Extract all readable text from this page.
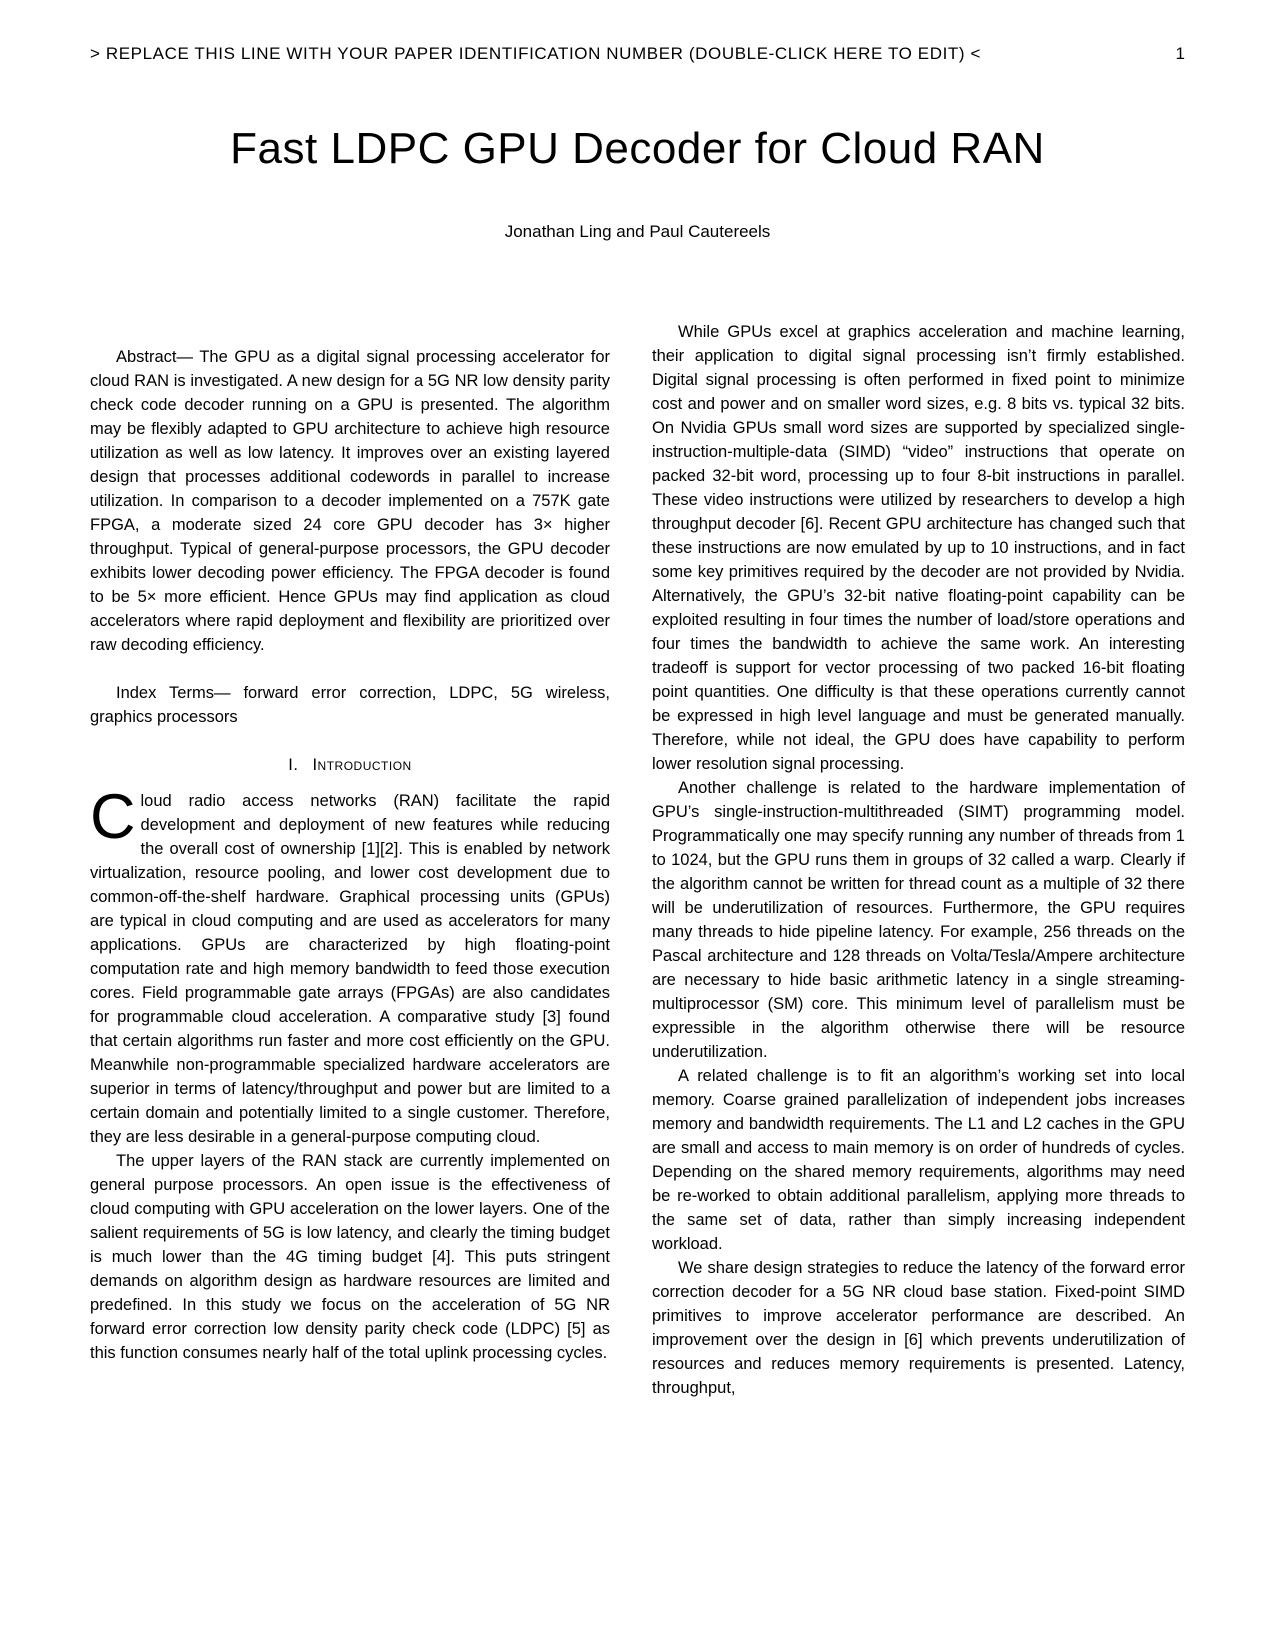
> REPLACE THIS LINE WITH YOUR PAPER IDENTIFICATION NUMBER (DOUBLE-CLICK HERE TO EDIT) <	1
Fast LDPC GPU Decoder for Cloud RAN
Jonathan Ling and Paul Cautereels

Abstract— The GPU as a digital signal processing accelerator for cloud RAN is investigated. A new design for a 5G NR low density parity check code decoder running on a GPU is presented. The algorithm may be flexibly adapted to GPU architecture to achieve high resource utilization as well as low latency. It improves over an existing layered design that processes additional codewords in parallel to increase utilization. In comparison to a decoder implemented on a 757K gate FPGA, a moderate sized 24 core GPU decoder has 3× higher throughput. Typical of general-purpose processors, the GPU decoder exhibits lower decoding power efficiency. The FPGA decoder is found to be 5× more efficient. Hence GPUs may find application as cloud accelerators where rapid deployment and flexibility are prioritized over raw decoding efficiency.

Index Terms— forward error correction, LDPC, 5G wireless, graphics processors

I. Introduction

Cloud radio access networks (RAN) facilitate the rapid development and deployment of new features while reducing the overall cost of ownership [1][2]. This is enabled by network virtualization, resource pooling, and lower cost development due to common-off-the-shelf hardware. Graphical processing units (GPUs) are typical in cloud computing and are used as accelerators for many applications. GPUs are characterized by high floating-point computation rate and high memory bandwidth to feed those execution cores. Field programmable gate arrays (FPGAs) are also candidates for programmable cloud acceleration. A comparative study [3] found that certain algorithms run faster and more cost efficiently on the GPU. Meanwhile non-programmable specialized hardware accelerators are superior in terms of latency/throughput and power but are limited to a certain domain and potentially limited to a single customer. Therefore, they are less desirable in a general-purpose computing cloud.

The upper layers of the RAN stack are currently implemented on general purpose processors. An open issue is the effectiveness of cloud computing with GPU acceleration on the lower layers. One of the salient requirements of 5G is low latency, and clearly the timing budget is much lower than the 4G timing budget [4]. This puts stringent demands on algorithm design as hardware resources are limited and predefined. In this study we focus on the acceleration of 5G NR forward error correction low density parity check code (LDPC) [5] as this function consumes nearly half of the total uplink processing cycles.

While GPUs excel at graphics acceleration and machine learning, their application to digital signal processing isn’t firmly established. Digital signal processing is often performed in fixed point to minimize cost and power and on smaller word sizes, e.g. 8 bits vs. typical 32 bits. On Nvidia GPUs small word sizes are supported by specialized single-instruction-multiple-data (SIMD) “video” instructions that operate on packed 32-bit word, processing up to four 8-bit instructions in parallel. These video instructions were utilized by researchers to develop a high throughput decoder [6]. Recent GPU architecture has changed such that these instructions are now emulated by up to 10 instructions, and in fact some key primitives required by the decoder are not provided by Nvidia. Alternatively, the GPU’s 32-bit native floating-point capability can be exploited resulting in four times the number of load/store operations and four times the bandwidth to achieve the same work. An interesting tradeoff is support for vector processing of two packed 16-bit floating point quantities. One difficulty is that these operations currently cannot be expressed in high level language and must be generated manually. Therefore, while not ideal, the GPU does have capability to perform lower resolution signal processing.

Another challenge is related to the hardware implementation of GPU’s single-instruction-multithreaded (SIMT) programming model. Programmatically one may specify running any number of threads from 1 to 1024, but the GPU runs them in groups of 32 called a warp. Clearly if the algorithm cannot be written for thread count as a multiple of 32 there will be underutilization of resources. Furthermore, the GPU requires many threads to hide pipeline latency. For example, 256 threads on the Pascal architecture and 128 threads on Volta/Tesla/Ampere architecture are necessary to hide basic arithmetic latency in a single streaming-multiprocessor (SM) core. This minimum level of parallelism must be expressible in the algorithm otherwise there will be resource underutilization.

A related challenge is to fit an algorithm’s working set into local memory. Coarse grained parallelization of independent jobs increases memory and bandwidth requirements. The L1 and L2 caches in the GPU are small and access to main memory is on order of hundreds of cycles. Depending on the shared memory requirements, algorithms may need be re-worked to obtain additional parallelism, applying more threads to the same set of data, rather than simply increasing independent workload.

We share design strategies to reduce the latency of the forward error correction decoder for a 5G NR cloud base station. Fixed-point SIMD primitives to improve accelerator performance are described. An improvement over the design in [6] which prevents underutilization of resources and reduces memory requirements is presented. Latency, throughput,
